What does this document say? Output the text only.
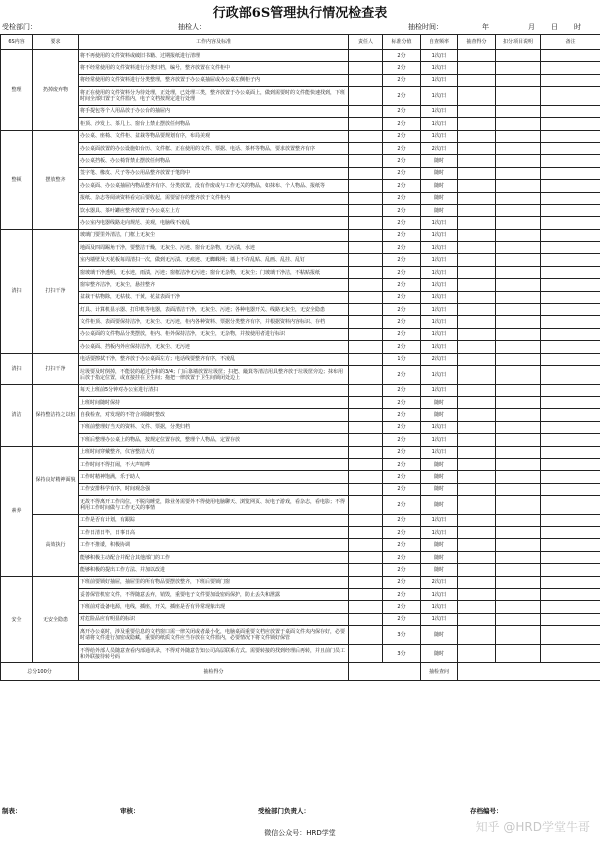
行政部6S管理执行情况检查表
受检部门：	抽检人：	抽检时间：	年	月 日 时
6S内容	要求	工作内容及标准	责任人	标准分值	自查频率	抽查得分	扣分项目说明	备注
整理	扔掉废弃物	将不再使用的文件资料或破旧书籍、过期报纸进行清理		2分	1次/日			
		将不经常使用的文件资料进行分类归档，编号，整齐放置在文件柜中		2分	1次/日			
		将经常使用的文件资料进行分类整理，整齐放置于办公桌抽屉或办公桌左侧柜子内		2分	1次/日			
		将正在使用的文件资料分为待处理，正处理，已处理三类，整齐放置于办公桌面上，做到需要时的文件能快速找到，下班时间全部归置于文件篮内，电子文档按规定进行处理		2分	1次/日			
		将手提包等个人用品放于办公台的抽屉内		2分	1次/日			
		柜顶、沙发上、茶几上、窗台上禁止摆放任何物品		2分	1次/日			
整顿	摆放整齐	办公桌、座椅、文件柜、盆栽等物品要规划有序，布局美观		2分	1次/日			
		办公桌面放置的办公设施如台历、文件框、正在使用的文件、票据、电话、茶杯等物品，要求放置整齐有序		2分	2次/日			
		办公桌挡板、办公椅背禁止摆放任何物品		2分	随时			
		签字笔、橡皮、尺子等办公用品整齐放置于笔筒中		2分	随时			
		办公桌面、办公桌抽屉内物品整齐有序、分类放置，没有作废或与工作无关的物品，如抹布、个人物品、报纸等		2分	随时			
		报纸、杂志等阅读资料看完后要收起，需要留存的整齐放于文件柜内		2分	随时			
		饮水器具、茶叶罐应整齐放置于办公桌左上方		2分	随时			
		办公室内电器线路走向规范、美观，电脑线不凌乱		2分	1次/日			
清扫	打扫干净	玻璃门要里外清洁，门框上无灰尘		2分	1次/日			
		地面及四周踢角干净，要整洁干燥，无灰尘、污迹、窗台无杂物，无污渍，水迹		2分	1次/日			
		室内墙壁及天花板每周清扫一次，做到无污渍、无痕迹、无蜘蛛网；墙上不许乱贴、乱画、乱挂、乱钉		2分	1次/日			
		窗玻璃干净透明，无水迹，雨渍，污迹；窗框洁净无污迹；窗台无杂物，无灰尘；门玻璃干净洁，不粘贴报纸		2分	1次/日			
		窗帘整齐洁净，无灰尘，悬挂整齐		2分	1次/日			
		盆栽干枯物除，无枯枝、干黄，花盆表面干净		2分	1次/日			
		灯具、计算机显示器、打印机等电器，表面清洁干净，无灰尘、污迹；各种电器开关、线路无灰尘，无安全隐患		2分	1次/日			
		文件柜顶、表面要保持洁净，无灰尘、无污迹，柜内各种资料、票据分类整齐有序，并根据资料内容标识、存档		2分	1次/日			
		办公桌面的文件物品分类摆放，柜内、柜外保持洁净，无灰尘，无杂物，并按使用者进行标识		2分	1次/日			
		办公桌面、挡板内外应保持洁净，无灰尘、无污迹		2分	1次/日			
清扫	打扫干净	电话要擦拭干净，整齐放于办公桌面左方；电话线要整齐有序，不凌乱		1分	2次/日			
		垃圾要及时倒掉，不能装的超过容积的3/4；门后靠墙放置垃圾筐；扫把、簸箕等清洁用具整齐放于垃圾筐旁边；抹布用后放于指定位置，或直接挂在卫生间；拖把一律放置于卫生间锁闭处边上		2分	1次/日			
清洁	保持整洁持之以恒	每天上班前5分钟对办公室进行清扫		2分	1次/日			
		上班时间随时保持		2分	随时			
		自我检查，对发现的不符合项随时整改		2分	随时			
		下班前整理好当天的资料、文件、票据，分类归档		2分	1次/日			
		下班后整理办公桌上的物品，按规定位置存放，整理个人物品，定置存放		2分	1次/日			
素养	保持良好精神面貌	上班时间穿戴整齐，仪容整洁大方		2分	1次/日			
		工作时间不得打闹，不大声喧哗		2分	随时			
		工作时精神饱满，乐于助人		2分	随时			
		工作安排科学有序，时间观念强		2分	随时			
		无故不得离开工作岗位，不脱岗睡觉，除业务需要外不得使用电脑聊天、浏览网页、玩电子游戏，看杂志，看电影；不得利用工作时间做与工作无关的事情		2分	随时			
	高效执行	工作是否有计划，有跟踪		2分	1次/日			
		工作日清日毕，日事日高		2分	1次/日			
		工作不推诿，积极协调		2分	随时			
		能够积极主动配合并配合其他部门的工作		2分	随时			
		能够积极的提出工作方法、并加以改进		2分	随时			
安全	无安全隐患	下班前要锁好抽屉，抽屉里的所有物品要摆放整齐，下班后要锁门窗		2分	2次/日			
		妥善保管机密文件，不得随意丢弃，销毁，重要电子文件要加设密码保护，防止丢失和泄露		2分	1次/日			
		下班前对设备电源，电线，插座，开关，插座是否有异常现象出现		2分	1次/日			
		对危险品应有明显的标识		2分	1次/日			
		离开办公桌时，涉及重要信息的文档窗口需一律关闭或者最小化，电脑桌面重要文档应放置于桌面文件夹内保存好，必要时请将文件进行加密或隐藏，重要的纸质文件应当存放在文件篮内，必要情况下将文件锁好保管		3分	随时			
		不得给外部人员随意查看内部通讯录，不得对外随意告知公司高层联系方式。需要转接的找到经理后再转，并且前门员工和外联接待转号码		3分	随时			
总分100分		抽检得分			抽检查问			
制表：	审核：	受检部门负责人：	存档编号：
知乎 @HRD学堂牛哥
微信公众号：HRD学堂
